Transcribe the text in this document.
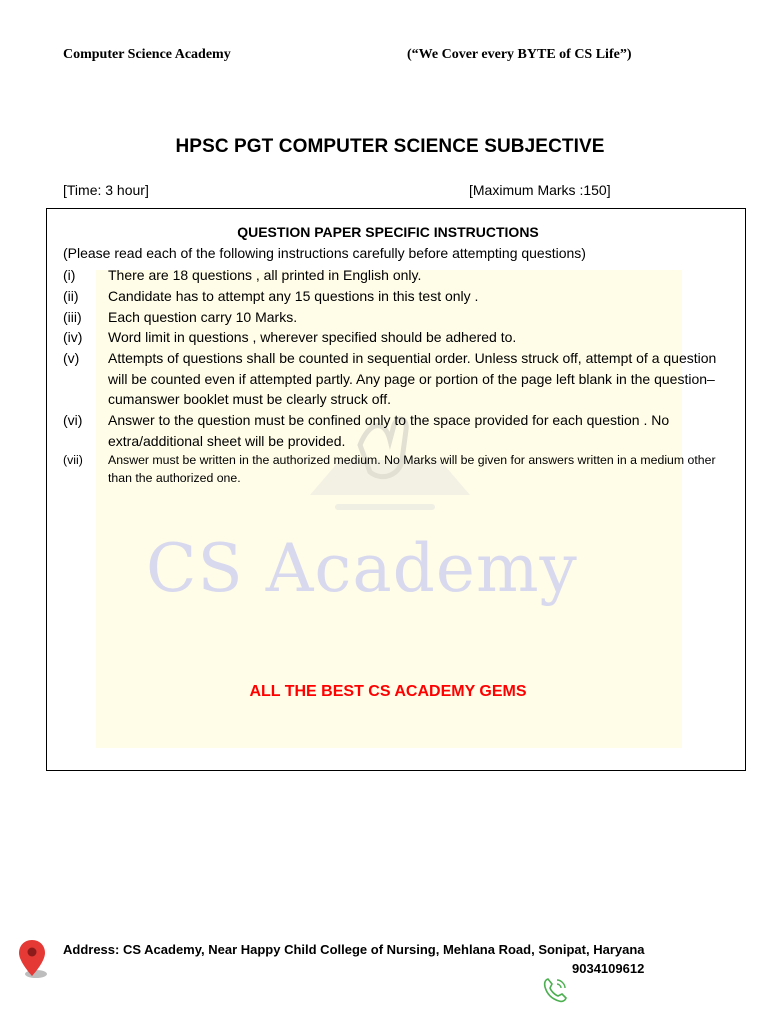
Computer Science Academy	(“We Cover every BYTE of CS Life”)
HPSC PGT COMPUTER SCIENCE SUBJECTIVE
[Time: 3 hour]	[Maximum Marks :150]
CS Academy
QUESTION PAPER SPECIFIC INSTRUCTIONS
(Please read each of the following instructions carefully before attempting questions)
(i)	There are 18 questions , all printed in English only.
(ii)	Candidate has to attempt any 15 questions in this test only .
(iii)	Each question carry 10 Marks.
(iv)	Word limit in questions , wherever specified should be adhered to.
(v)	Attempts of questions shall be counted in sequential order. Unless struck off, attempt of a question will be counted even if attempted partly. Any page or portion of the page left blank in the question–cumanswer booklet must be clearly struck off.
(vi)	Answer to the question must be confined only to the space provided for each question . No extra/additional sheet will be provided.
(vii)	Answer must be written in the authorized medium. No Marks will be given for answers written in a medium other than the authorized one.
ALL THE BEST CS ACADEMY GEMS
Address: CS Academy, Near Happy Child College of Nursing, Mehlana Road, Sonipat, Haryana
9034109612
